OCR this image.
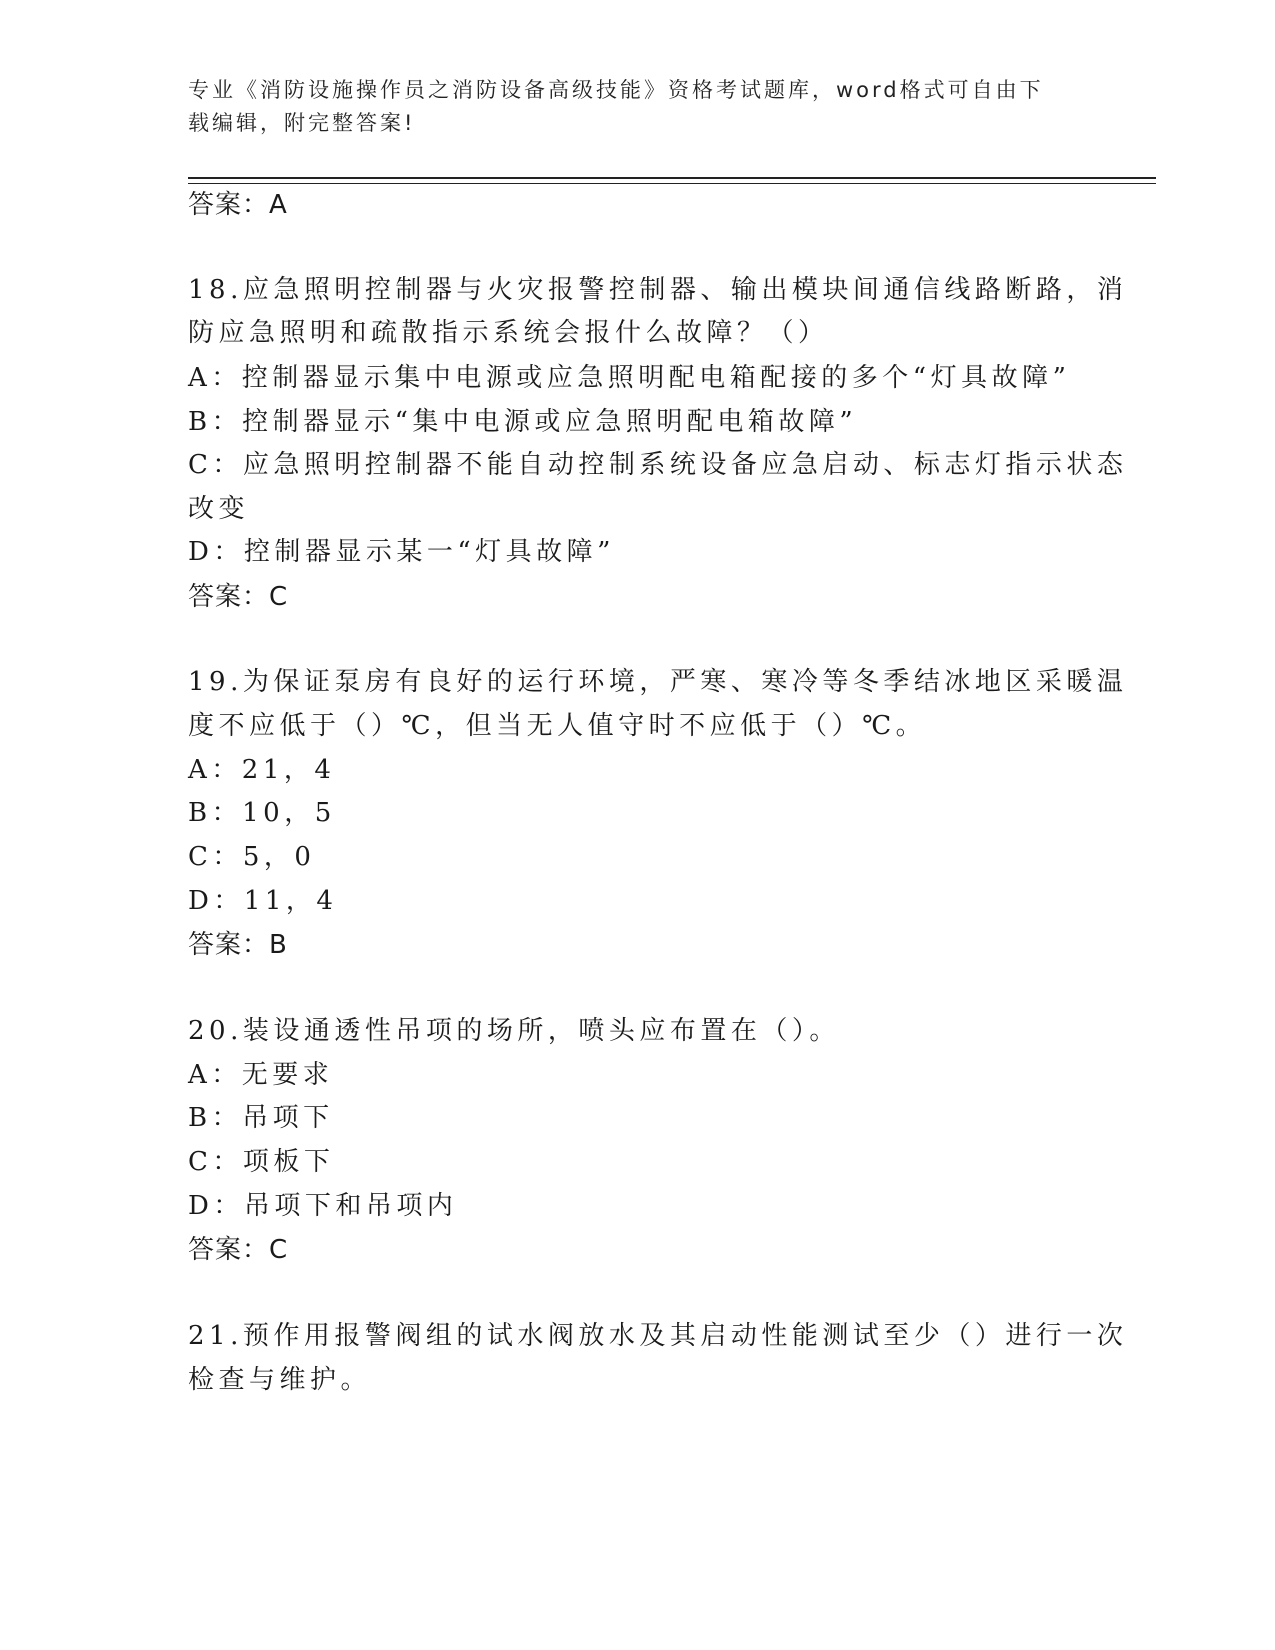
专业《消防设施操作员之消防设备高级技能》资格考试题库，word格式可自由下
载编辑，附完整答案!
答案：A
18.应急照明控制器与火灾报警控制器、输出模块间通信线路断路，消
防应急照明和疏散指示系统会报什么故障？（）
A：控制器显示集中电源或应急照明配电箱配接的多个“灯具故障”
B：控制器显示“集中电源或应急照明配电箱故障”
C：应急照明控制器不能自动控制系统设备应急启动、标志灯指示状态
改变
D：控制器显示某一“灯具故障”
答案：C
19.为保证泵房有良好的运行环境，严寒、寒冷等冬季结冰地区采暖温
度不应低于（）℃，但当无人值守时不应低于（）℃。
A：21，4
B：10，5
C：5，0
D：11，4
答案：B
20.装设通透性吊项的场所，喷头应布置在（）。
A：无要求
B：吊项下
C：项板下
D：吊项下和吊项内
答案：C
21.预作用报警阀组的试水阀放水及其启动性能测试至少（）进行一次
检查与维护。
